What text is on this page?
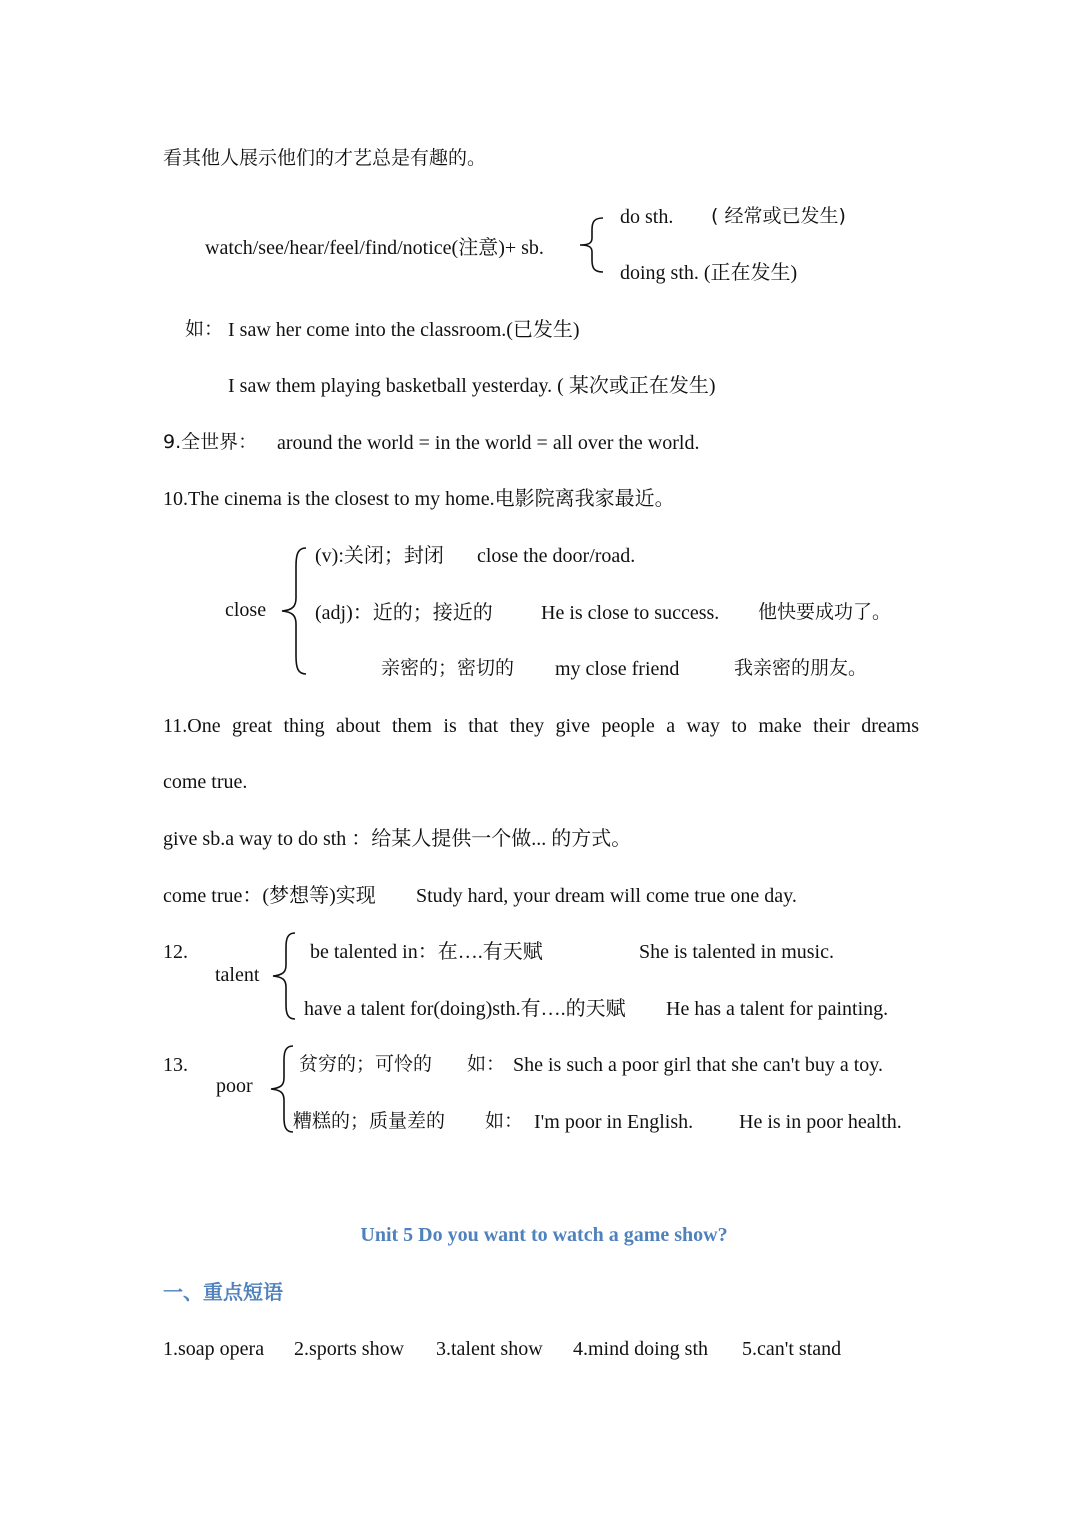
看其他人展示他们的才艺总是有趣的。
watch/see/hear/feel/find/notice(注意)+ sb.
do sth. ( 经常或已发生)
doing sth. (正在发生)
如： I saw her come into the classroom.(已发生)
I saw them playing basketball yesterday. ( 某次或正在发生)
9.全世界： around the world = in the world = all over the world.
10.The cinema is the closest to my home.电影院离我家最近。
close
(v):关闭；封闭 close the door/road.
(adj)：近的；接近的 He is close to success. 他快要成功了。
亲密的；密切的 my close friend	我亲密的朋友。
11.One great thing about them is that they give people a way to make their dreams
come true.
give sb.a way to do sth ：给某人提供一个做... 的方式。
come true：(梦想等)实现 Study hard, your dream will come true one day.
12.
talent
be talented in：在….有天赋	She is talented in music.
have a talent for(doing)sth.有….的天赋 He has a talent for painting.
13.
poor
贫穷的；可怜的 如： She is such a poor girl that she can't buy a toy.
糟糕的；质量差的 如： I'm poor in English. He is in poor health.
Unit 5 Do you want to watch a game show?
一、重点短语
1.soap opera 2.sports show 3.talent show 4.mind doing sth 5.can't stand
